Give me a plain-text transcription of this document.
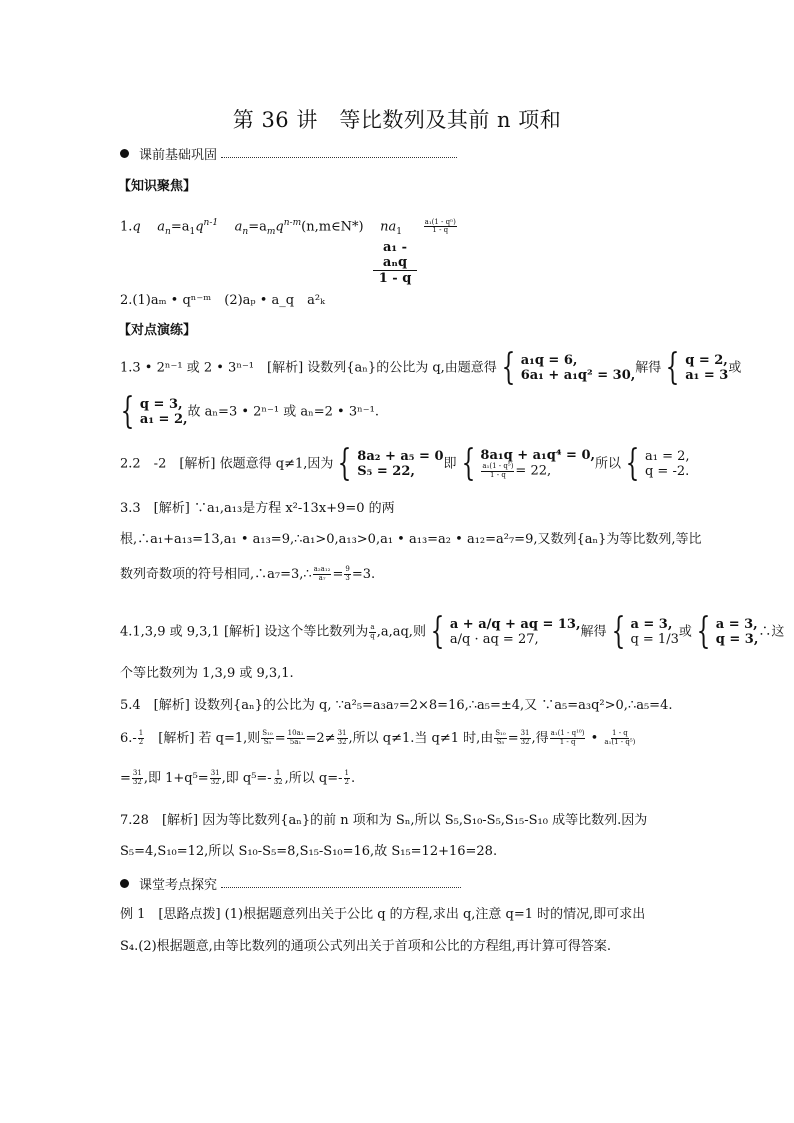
第 36 讲　等比数列及其前 n 项和
课前基础巩固
【知识聚焦】
1.q $a_n=a_1q^{n-1}$ $a_n=a_mq^{n-m}(n,m\in N*)$ $na_1$	$\frac{\text{a₁(1 - qⁿ)}}{1 - q}$
a₁ - aₙq
1 - q
2.(1)aₘ • qⁿ⁻ᵐ　(2)aₚ • a_q　a²ₖ
【对点演练】
1.3 • 2ⁿ⁻¹ 或 2 • 3ⁿ⁻¹　[解析] 设数列{aₙ}的公比为 q,由题意得 { a₁q = 6,
6a₁ + a₁q² = 30, 解得 { q = 2,
a₁ = 3 或
{ q = 3,
a₁ = 2, 故 aₙ=3 • 2ⁿ⁻¹ 或 aₙ=2 • 3ⁿ⁻¹.
2.2　-2　[解析] 依题意得 q≠1,因为 { 8a₂ + a₅ = 0
S₅ = 22,	即 { 8a₁q + a₁q⁴ = 0,
$\frac{\text{a₁(1 - q⁵)}}{1 - q} = 22$,	所以 { a₁ = 2,
q = -2.
3.3　[解析] ∵a₁,a₁₃是方程 x²-13x+9=0 的两
根,∴a₁+a₁₃=13,a₁ • a₁₃=9,∴a₁>0,a₁₃>0,a₁ • a₁₃=a₂ • a₁₂=a²₇=9,又数列{aₙ}为等比数列,等比
数列奇数项的符号相同,∴a₇=3,∴ $\frac{\text{a₂a₁₂}}{\text{a₇}} = \frac{9}{3} =3$.
4.1,3,9 或 9,3,1 [解析] 设这个等比数列为 $\frac{a}{q} ,a,aq$,则 { a + a/q + aq = 13,
a/q · aq = 27,	解得 { a = 3,
q = 1/3 或 { a = 3,
q = 3, ∴这
个等比数列为 1,3,9 或 9,3,1.
5.4　[解析] 设数列{aₙ}的公比为 q, ∵a²₅=a₃a₇=2×8=16,∴a₅=±4,又 ∵a₅=a₃q²>0,∴a₅=4.
$6.- \frac{1}{2}$ 　[解析] 若 q=1,则 $\frac{\text{S₁₀}}{\text{S₅}} = \frac{\text{10a₁}}{\text{5a₁}} =2\ne \frac{31}{32}$ ,所以 q≠1.当 q≠1 时,由 $\frac{\text{S₁₀}}{\text{S₅}} = \frac{31}{32}$ ,得 $\frac{\text{a₁(1 - q¹⁰)}}{1 - q}$ • $\frac{1 - q}{\text{a₁(1 - q⁵)}}$
= $\frac{31}{32}$ ,即 $1+q^5= \frac{31}{32}$ ,即 $q^5=- \frac{1}{32}$ ,所以 $q=- \frac{1}{2}$ .
7.28　[解析] 因为等比数列{aₙ}的前 n 项和为 Sₙ,所以 S₅,S₁₀-S₅,S₁₅-S₁₀ 成等比数列.因为
S₅=4,S₁₀=12,所以 S₁₀-S₅=8,S₁₅-S₁₀=16,故 S₁₅=12+16=28.
课堂考点探究
例 1　[思路点拨] (1)根据题意列出关于公比 q 的方程,求出 q,注意 q=1 时的情况,即可求出
S₄.(2)根据题意,由等比数列的通项公式列出关于首项和公比的方程组,再计算可得答案.
